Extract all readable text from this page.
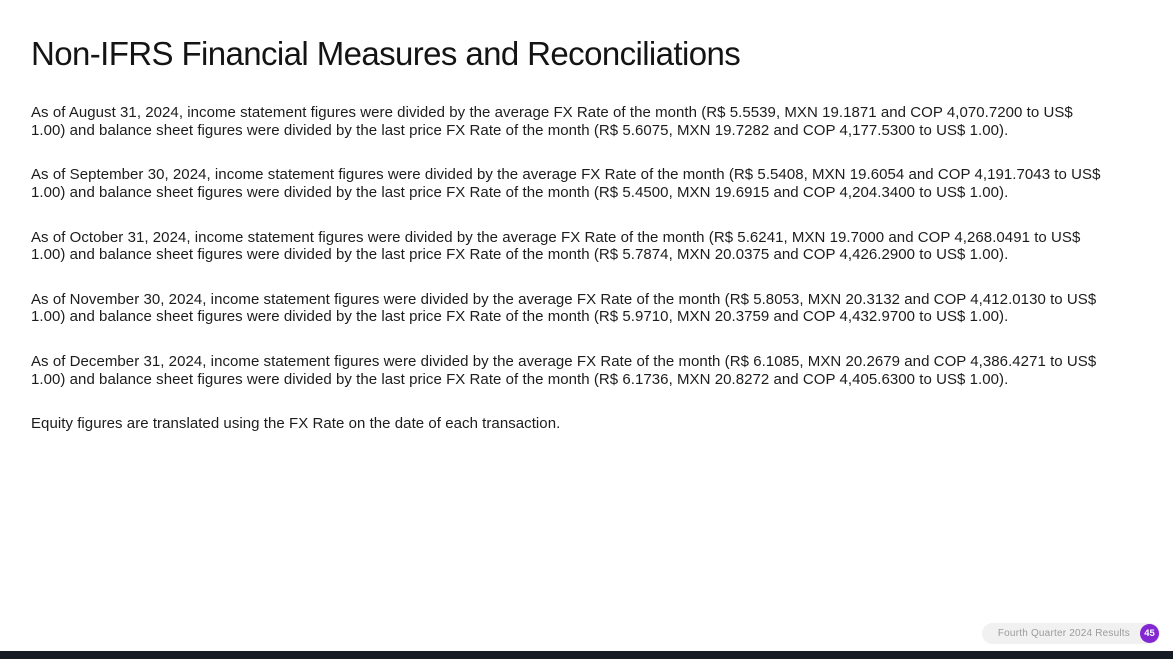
Non-IFRS Financial Measures and Reconciliations

As of August 31, 2024, income statement figures were divided by the average FX Rate of the month (R$ 5.5539, MXN 19.1871 and COP 4,070.7200 to US$ 1.00) and balance sheet figures were divided by the last price FX Rate of the month (R$ 5.6075, MXN 19.7282 and COP 4,177.5300 to US$ 1.00).

As of September 30, 2024, income statement figures were divided by the average FX Rate of the month (R$ 5.5408, MXN 19.6054 and COP 4,191.7043 to US$ 1.00) and balance sheet figures were divided by the last price FX Rate of the month (R$ 5.4500, MXN 19.6915 and COP 4,204.3400 to US$ 1.00).

As of October 31, 2024, income statement figures were divided by the average FX Rate of the month (R$ 5.6241, MXN 19.7000 and COP 4,268.0491 to US$ 1.00) and balance sheet figures were divided by the last price FX Rate of the month (R$ 5.7874, MXN 20.0375 and COP 4,426.2900 to US$ 1.00).

As of November 30, 2024, income statement figures were divided by the average FX Rate of the month (R$ 5.8053, MXN 20.3132 and COP 4,412.0130 to US$ 1.00) and balance sheet figures were divided by the last price FX Rate of the month (R$ 5.9710, MXN 20.3759 and COP 4,432.9700 to US$ 1.00).

As of December 31, 2024, income statement figures were divided by the average FX Rate of the month (R$ 6.1085, MXN 20.2679 and COP 4,386.4271 to US$ 1.00) and balance sheet figures were divided by the last price FX Rate of the month (R$ 6.1736, MXN 20.8272 and COP 4,405.6300 to US$ 1.00).

Equity figures are translated using the FX Rate on the date of each transaction.

Fourth Quarter 2024 Results	45
